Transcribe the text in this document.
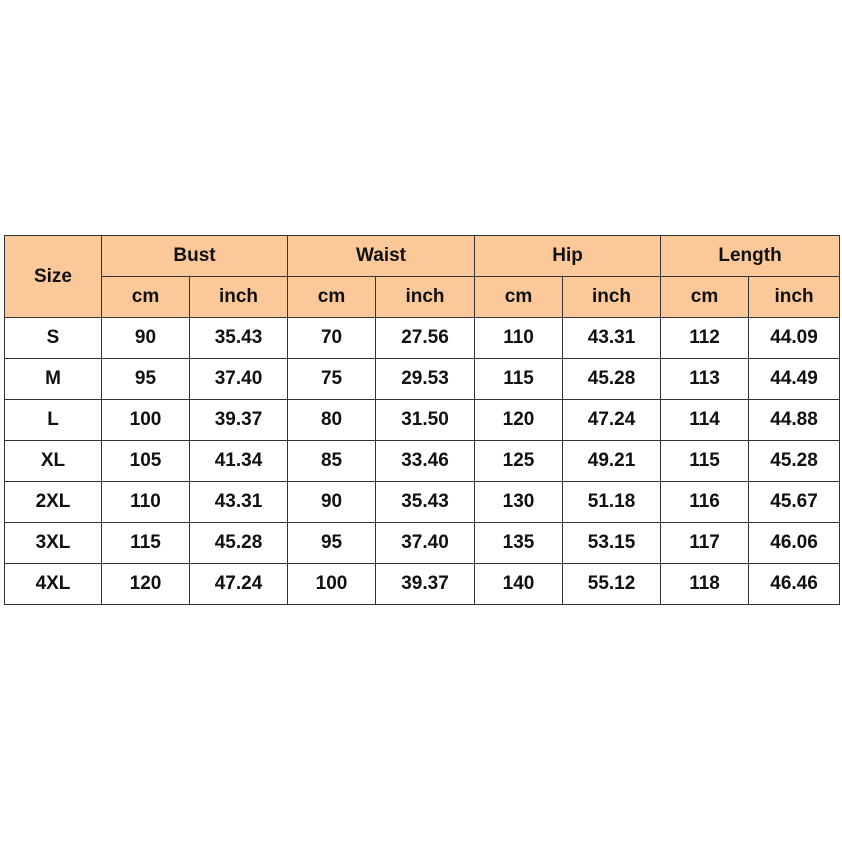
Size	Bust		Waist		Hip		Length	
	cm	inch	cm	inch	cm	inch	cm	inch
S	90	35.43	70	27.56	110	43.31	112	44.09
M	95	37.40	75	29.53	115	45.28	113	44.49
L	100	39.37	80	31.50	120	47.24	114	44.88
XL	105	41.34	85	33.46	125	49.21	115	45.28
2XL	110	43.31	90	35.43	130	51.18	116	45.67
3XL	115	45.28	95	37.40	135	53.15	117	46.06
4XL	120	47.24	100	39.37	140	55.12	118	46.46
